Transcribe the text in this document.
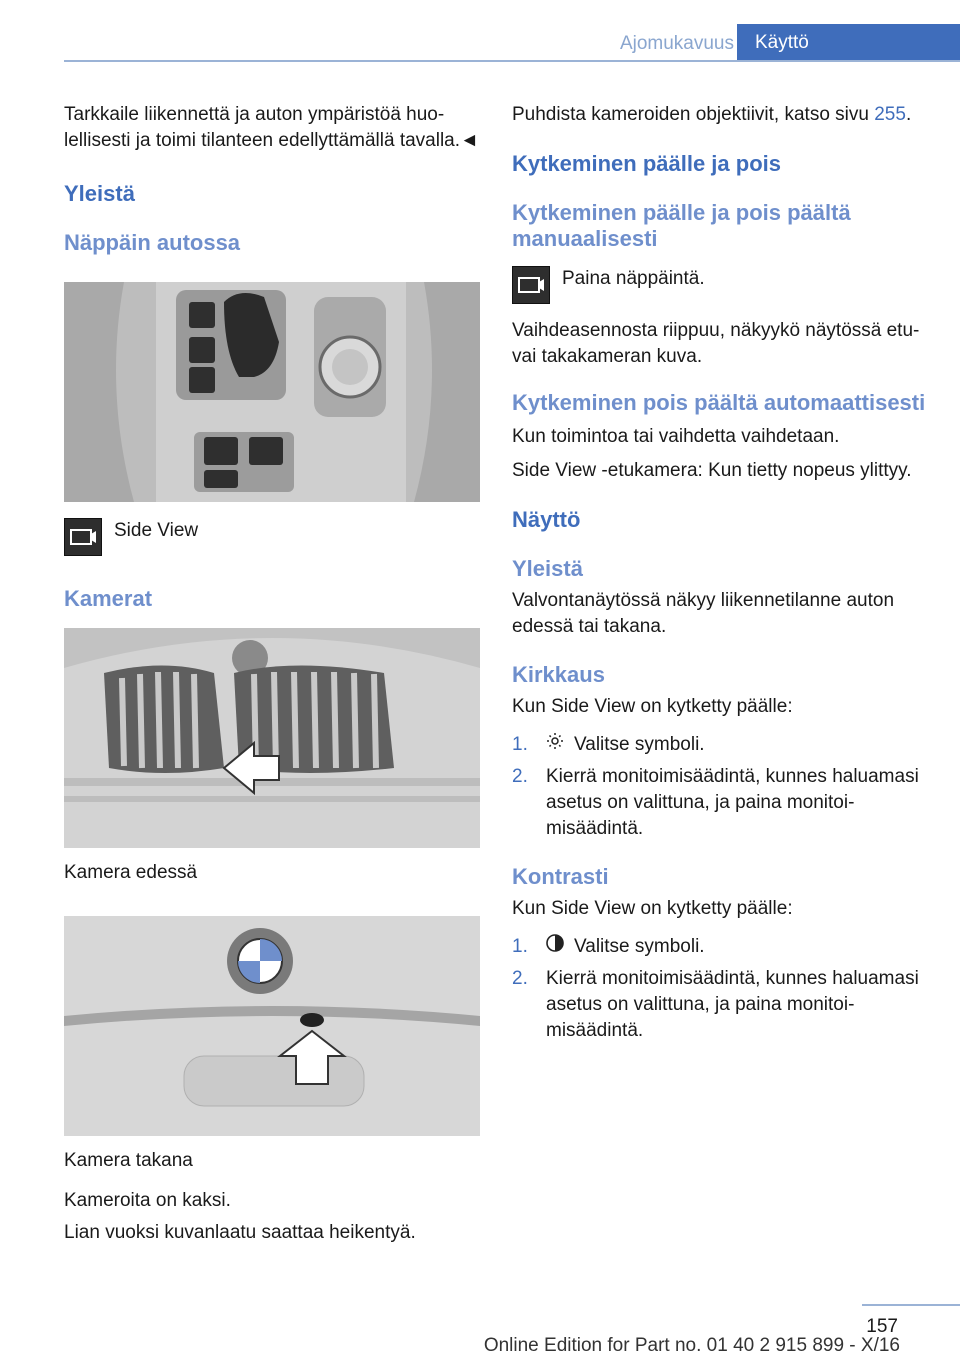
Ajomukavuus	Käyttö

Tarkkaile liikennettä ja auton ympäristöä huolellisesti ja toimi tilanteen edellyttämällä tavalla.◄

Yleistä
Näppäin autossa

Side View

Kamerat

Kamera edessä

Kamera takana

Kameroita on kaksi.

Lian vuoksi kuvanlaatu saattaa heikentyä.

Puhdista kameroiden objektiivit, katso sivu 255.

Kytkeminen päälle ja pois
Kytkeminen päälle ja pois päältä manuaalisesti

Paina näppäintä.

Vaihdeasennosta riippuu, näkyykö näytössä etu- vai takakameran kuva.

Kytkeminen pois päältä automaattisesti

Kun toimintoa tai vaihdetta vaihdetaan.

Side View -etukamera: Kun tietty nopeus ylittyy.

Näyttö
Yleistä

Valvontanäytössä näkyy liikennetilanne auton edessä tai takana.

Kirkkaus

Kun Side View on kytketty päälle:

1.	Valitse symboli.
2. Kierrä monitoimisäädintä, kunnes haluamasi asetus on valittuna, ja paina monitoimisäädintä.
Kontrasti

Kun Side View on kytketty päälle:

1.	Valitse symboli.
2. Kierrä monitoimisäädintä, kunnes haluamasi asetus on valittuna, ja paina monitoimisäädintä.
157
Online Edition for Part no. 01 40 2 915 899 - X/16
